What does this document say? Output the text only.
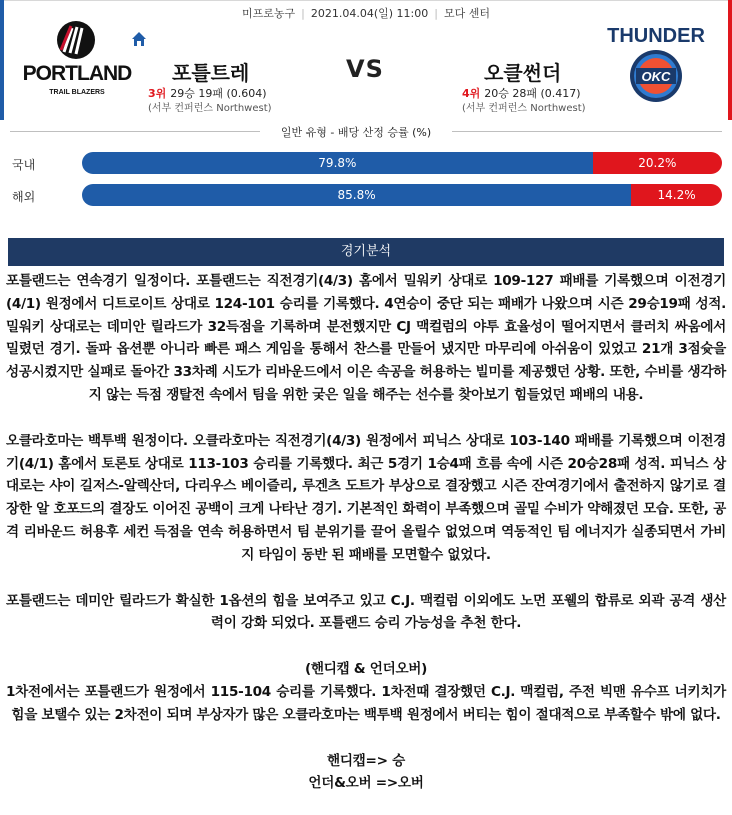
미프로농구 | 2021.04.04(일) 11:00 | 모다 센터
PORTLAND
TRAIL BLAZERS
THUNDER
OKC
포틀트레	VS	오클썬더
3위 29승 19패 (0.604)
(서부 컨퍼런스 Northwest)
4위 20승 28패 (0.417)
(서부 컨퍼런스 Northwest)
일반 유형 - 배당 산정 승률 (%)
국내	79.8%	20.2%
해외	85.8%	14.2%
경기분석

포틀랜드는 연속경기 일정이다. 포틀랜드는 직전경기(4/3) 홈에서 밀워키 상대로 109-127 패배를 기록했으며 이전경기(4/1) 원정에서 디트로이트 상대로 124-101 승리를 기록했다. 4연승이 중단 되는 패배가 나왔으며 시즌 29승19패 성적. 밀워키 상대로는 데미안 릴라드가 32득점을 기록하며 분전했지만 CJ 맥컬럼의 야투 효율성이 떨어지면서 클러치 싸움에서 밀렸던 경기. 돌파 옵션뿐 아니라 빠른 패스 게임을 통해서 찬스를 만들어 냈지만 마무리에 아쉬움이 있었고 21개 3점슛을 성공시켰지만 실패로 돌아간 33차례 시도가 리바운드에서 이은 속공을 허용하는 빌미를 제공했던 상황. 또한, 수비를 생각하지 않는 득점 쟁탈전 속에서 팀을 위한 궂은 일을 해주는 선수를 찾아보기 힘들었던 패배의 내용.

오클라호마는 백투백 원정이다. 오클라호마는 직전경기(4/3) 원정에서 피닉스 상대로 103-140 패배를 기록했으며 이전경기(4/1) 홈에서 토론토 상대로 113-103 승리를 기록했다. 최근 5경기 1승4패 흐름 속에 시즌 20승28패 성적. 피닉스 상대로는 샤이 길저스-알렉산더, 다리우스 베이즐리, 루겐츠 도트가 부상으로 결장했고 시즌 잔여경기에서 출전하지 않기로 결장한 알 호포드의 결장도 이어진 공백이 크게 나타난 경기. 기본적인 화력이 부족했으며 골밑 수비가 약해졌던 모습. 또한, 공격 리바운드 허용후 세컨 득점을 연속 허용하면서 팀 분위기를 끌어 올릴수 없었으며 역동적인 팀 에너지가 실종되면서 가비지 타임이 동반 된 패배를 모면할수 없었다.

포틀랜드는 데미안 릴라드가 확실한 1옵션의 힘을 보여주고 있고 C.J. 맥컬럼 이외에도 노먼 포웰의 합류로 외곽 공격 생산력이 강화 되었다. 포틀랜드 승리 가능성을 추천 한다.

(핸디캡 & 언더오버)

1차전에서는 포틀랜드가 원정에서 115-104 승리를 기록했다. 1차전때 결장했던 C.J. 맥컬럼, 주전 빅맨 유수프 너키치가 힘을 보탤수 있는 2차전이 되며 부상자가 많은 오클라호마는 백투백 원정에서 버티는 힘이 절대적으로 부족할수 밖에 없다.

핸디캡=> 승

언더&오버 =>오버
